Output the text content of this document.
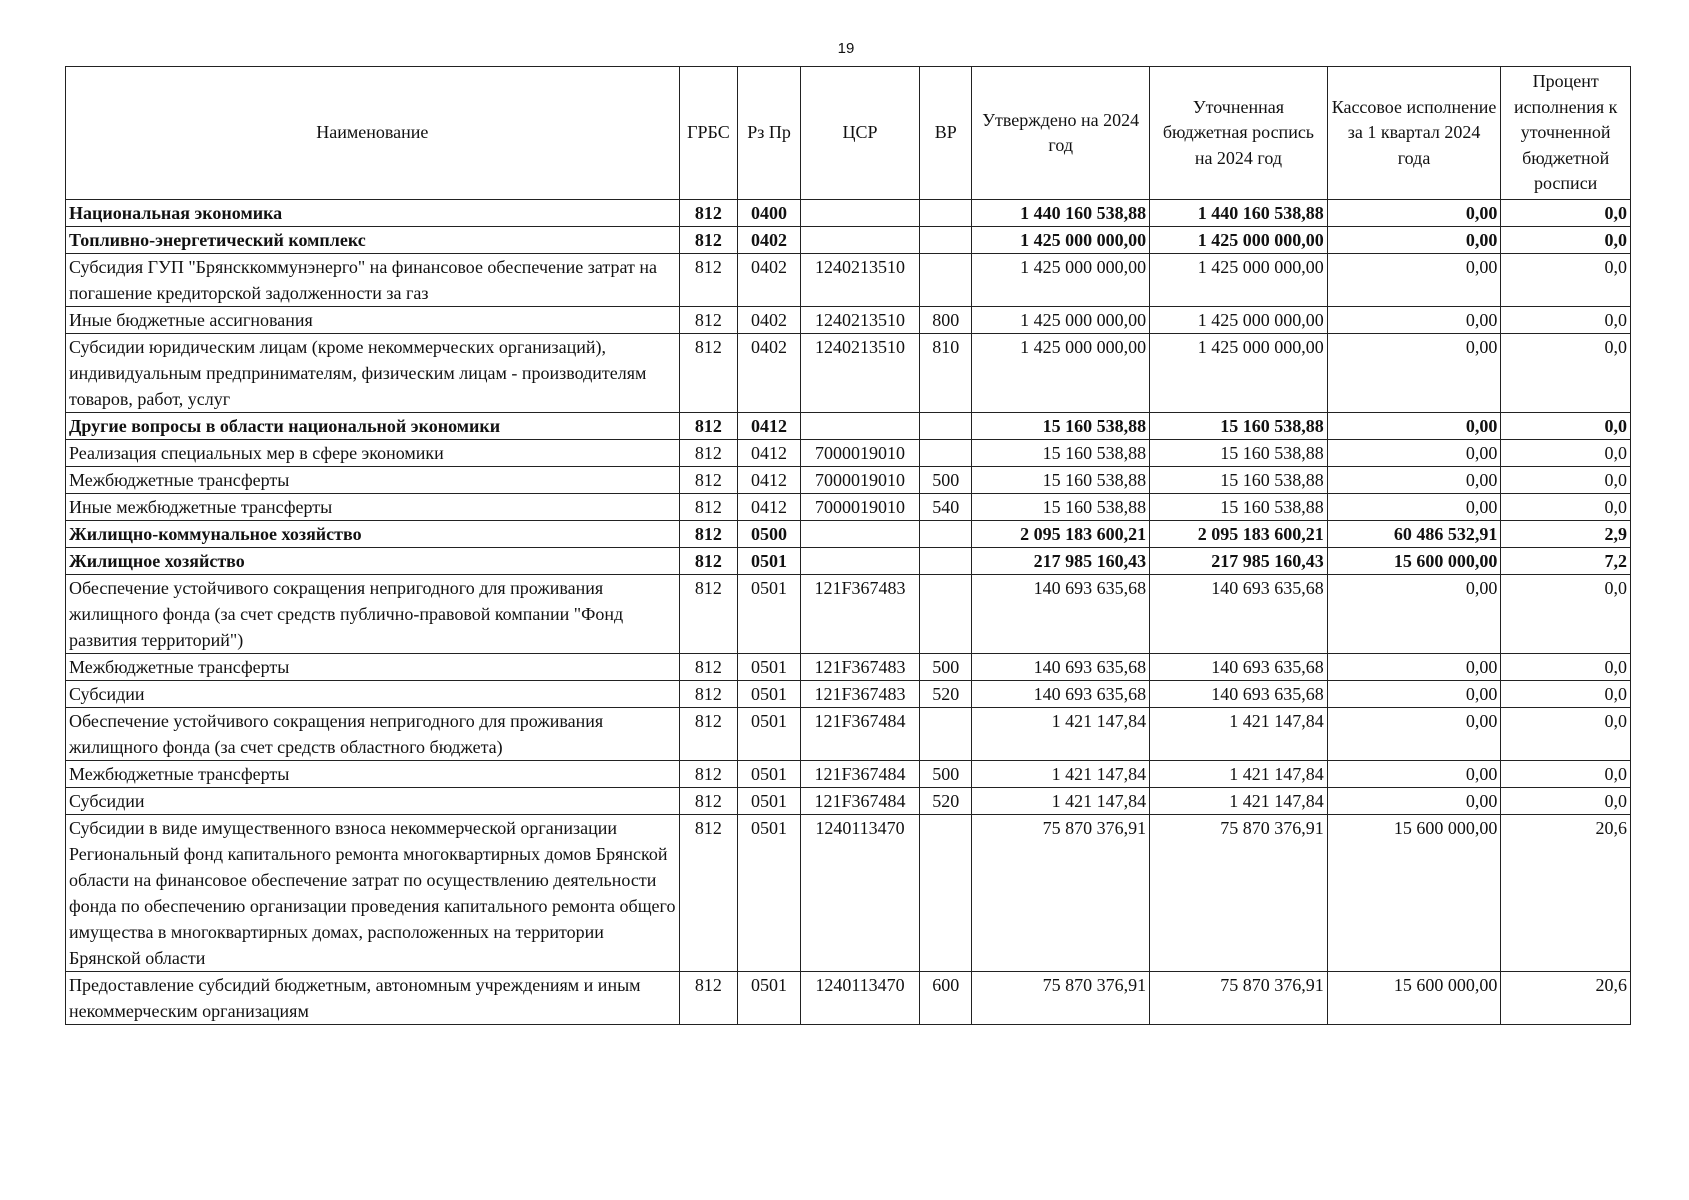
19
Наименование	ГРБС	Рз Пр	ЦСР	ВР	Утверждено на 2024 год	Уточненная бюджетная роспись на 2024 год	Кассовое исполнение за 1 квартал 2024 года	Процент исполнения к уточненной бюджетной росписи
Национальная экономика	812	0400			1 440 160 538,88	1 440 160 538,88	0,00	0,0
Топливно-энергетический комплекс	812	0402			1 425 000 000,00	1 425 000 000,00	0,00	0,0
Субсидия ГУП "Брянсккоммунэнерго" на финансовое обеспечение затрат на погашение кредиторской задолженности за газ	812	0402	1240213510		1 425 000 000,00	1 425 000 000,00	0,00	0,0
Иные бюджетные ассигнования	812	0402	1240213510	800	1 425 000 000,00	1 425 000 000,00	0,00	0,0
Субсидии юридическим лицам (кроме некоммерческих организаций), индивидуальным предпринимателям, физическим лицам - производителям товаров, работ, услуг	812	0402	1240213510	810	1 425 000 000,00	1 425 000 000,00	0,00	0,0
Другие вопросы в области национальной экономики	812	0412			15 160 538,88	15 160 538,88	0,00	0,0
Реализация специальных мер в сфере экономики	812	0412	7000019010		15 160 538,88	15 160 538,88	0,00	0,0
Межбюджетные трансферты	812	0412	7000019010	500	15 160 538,88	15 160 538,88	0,00	0,0
Иные межбюджетные трансферты	812	0412	7000019010	540	15 160 538,88	15 160 538,88	0,00	0,0
Жилищно-коммунальное хозяйство	812	0500			2 095 183 600,21	2 095 183 600,21	60 486 532,91	2,9
Жилищное хозяйство	812	0501			217 985 160,43	217 985 160,43	15 600 000,00	7,2
Обеспечение устойчивого сокращения непригодного для проживания жилищного фонда (за счет средств публично-правовой компании "Фонд развития территорий")	812	0501	121F367483		140 693 635,68	140 693 635,68	0,00	0,0
Межбюджетные трансферты	812	0501	121F367483	500	140 693 635,68	140 693 635,68	0,00	0,0
Субсидии	812	0501	121F367483	520	140 693 635,68	140 693 635,68	0,00	0,0
Обеспечение устойчивого сокращения непригодного для проживания жилищного фонда (за счет средств областного бюджета)	812	0501	121F367484		1 421 147,84	1 421 147,84	0,00	0,0
Межбюджетные трансферты	812	0501	121F367484	500	1 421 147,84	1 421 147,84	0,00	0,0
Субсидии	812	0501	121F367484	520	1 421 147,84	1 421 147,84	0,00	0,0
Субсидии в виде имущественного взноса некоммерческой организации Региональный фонд капитального ремонта многоквартирных домов Брянской области на финансовое обеспечение затрат по осуществлению деятельности фонда по обеспечению организации проведения капитального ремонта общего имущества в многоквартирных домах, расположенных на территории Брянской области	812	0501	1240113470		75 870 376,91	75 870 376,91	15 600 000,00	20,6
Предоставление субсидий бюджетным, автономным учреждениям и иным некоммерческим организациям	812	0501	1240113470	600	75 870 376,91	75 870 376,91	15 600 000,00	20,6
